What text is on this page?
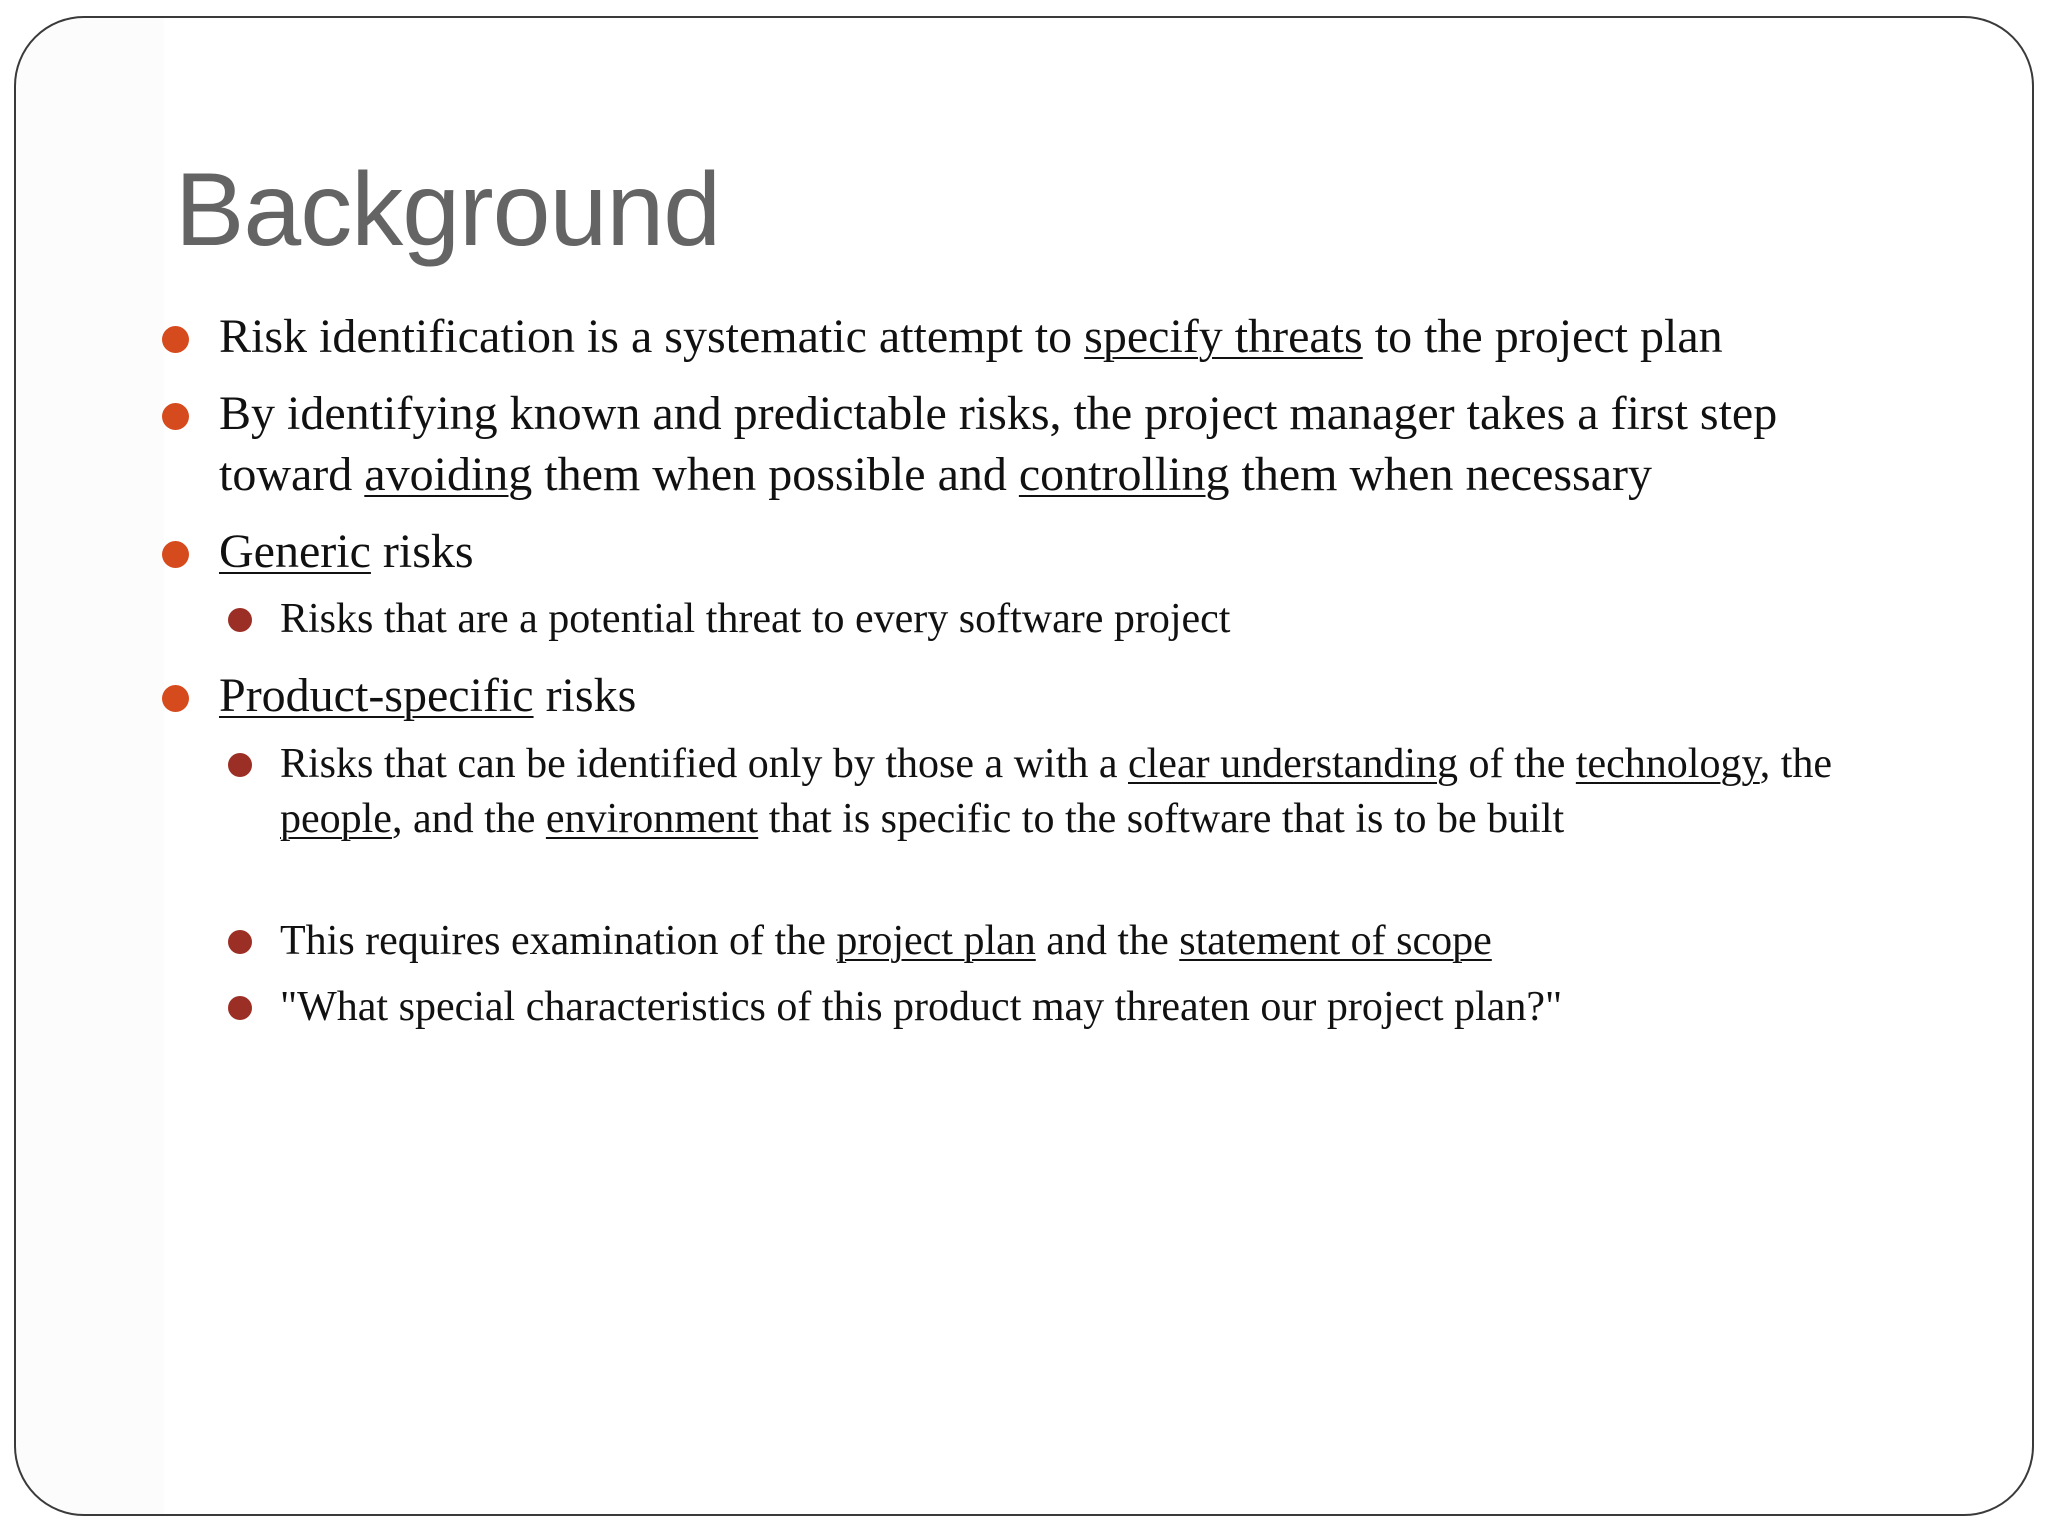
Background

Risk identification is a systematic attempt to specify threats to the project plan

By identifying known and predictable risks, the project manager takes a first step toward avoiding them when possible and controlling them when necessary

Generic risks

Risks that are a potential threat to every software project

Product-specific risks

Risks that can be identified only by those a with a clear understanding of the technology, the people, and the environment that is specific to the software that is to be built

This requires examination of the project plan and the statement of scope

"What special characteristics of this product may threaten our project plan?"
